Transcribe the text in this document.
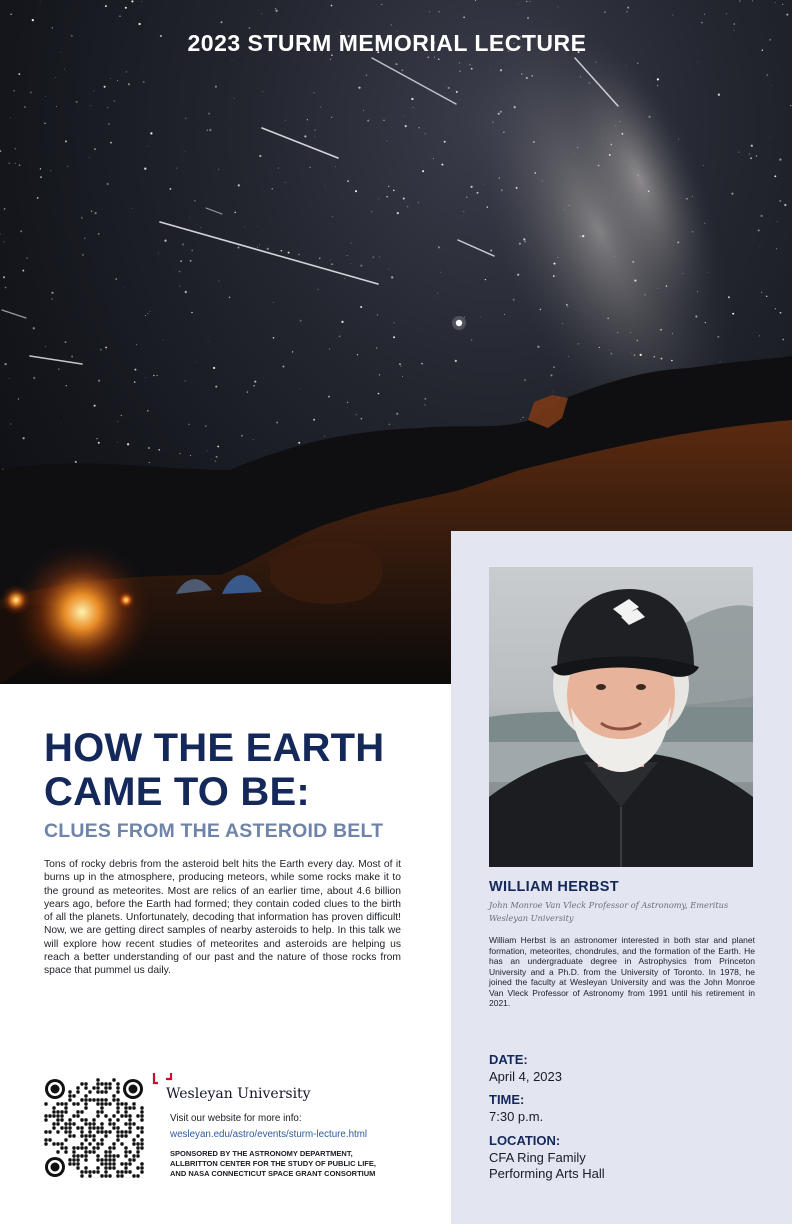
2023 STURM MEMORIAL LECTURE
WILLIAM HERBST
John Monroe Van Vleck Professor of Astronomy, Emeritus
Wesleyan University
William Herbst is an astronomer interested in both star and planet formation, meteorites, chondrules, and the formation of the Earth. He has an undergraduate degree in Astrophysics from Princeton University and a Ph.D. from the University of Toronto. In 1978, he joined the faculty at Wesleyan University and was the John Monroe Van Vleck Professor of Astronomy from 1991 until his retirement in 2021.
DATE:
April 4, 2023
TIME:
7:30 p.m.
LOCATION:
CFA Ring Family
Performing Arts Hall
HOW THE EARTH
CAME TO BE:
CLUES FROM THE ASTEROID BELT
Tons of rocky debris from the asteroid belt hits the Earth every day. Most of it burns up in the atmosphere, producing meteors, while some rocks make it to the ground as meteorites. Most are relics of an earlier time, about 4.6 billion years ago, before the Earth had formed; they contain coded clues to the birth of all the planets. Unfortunately, decoding that information has proven difficult! Now, we are getting direct samples of nearby asteroids to help. In this talk we will explore how recent studies of meteorites and asteroids are helping us reach a better understanding of our past and the nature of those rocks from space that pummel us daily.
Wesleyan University
Visit our website for more info:
wesleyan.edu/astro/events/sturm-lecture.html
SPONSORED BY THE ASTRONOMY DEPARTMENT,
ALLBRITTON CENTER FOR THE STUDY OF PUBLIC LIFE,
AND NASA CONNECTICUT SPACE GRANT CONSORTIUM
